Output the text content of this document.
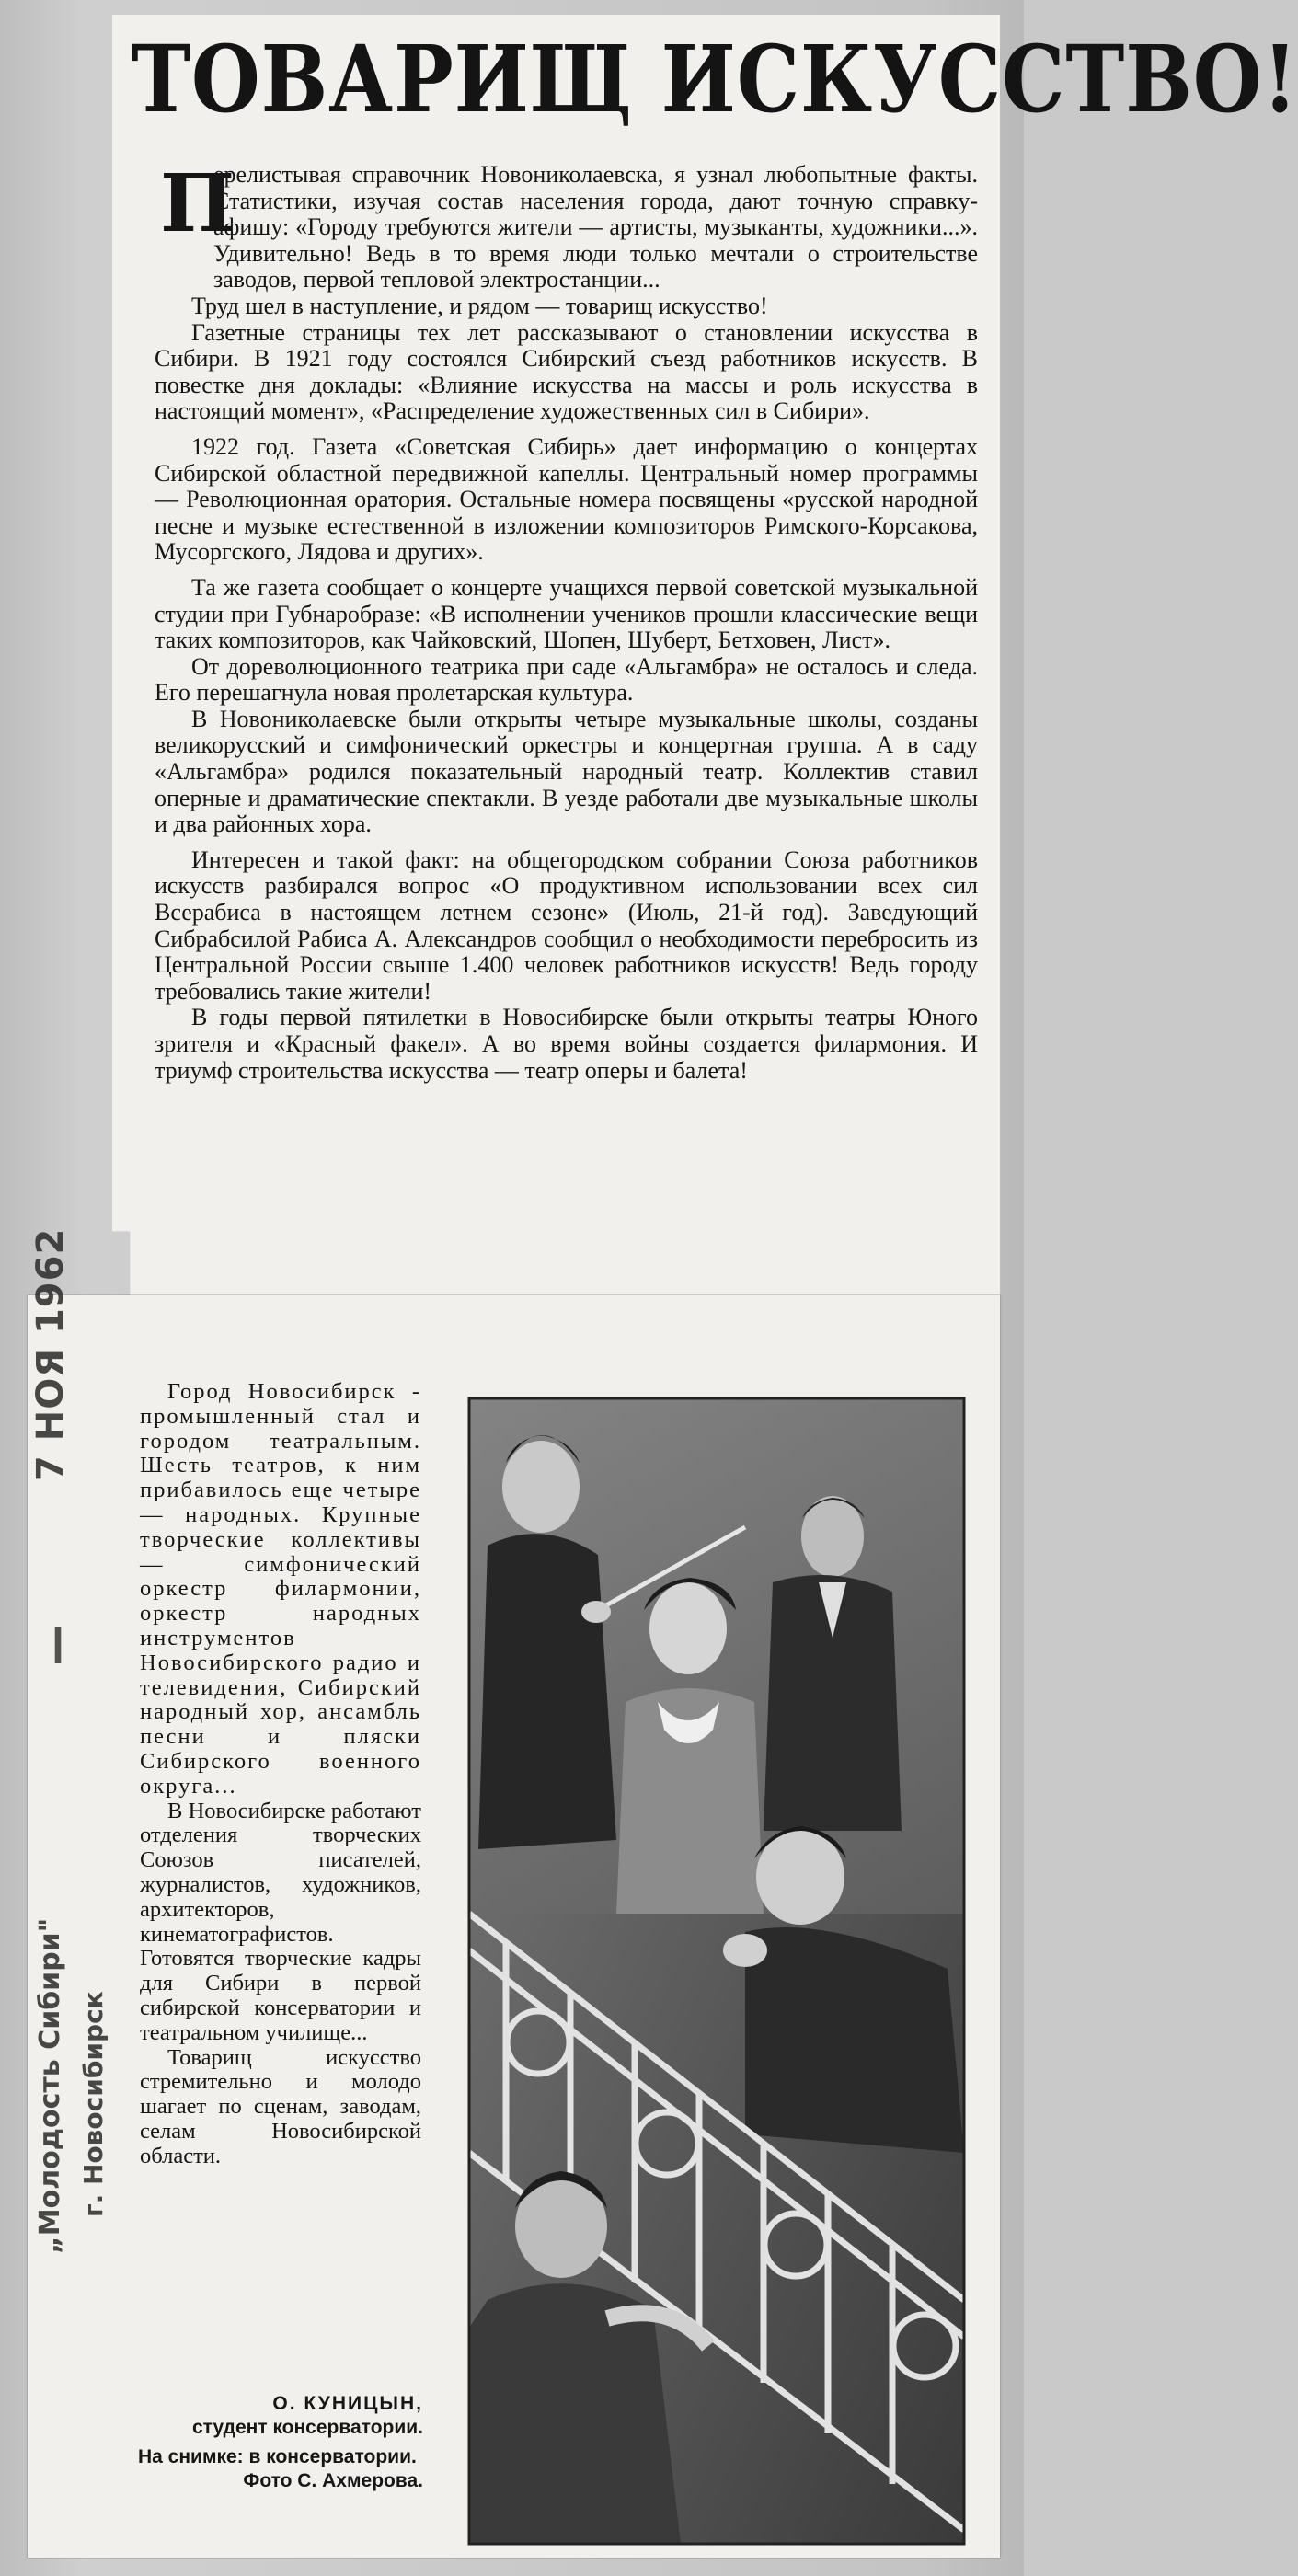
ТОВАРИЩ ИСКУССТВО!
П

ерелистывая справочник Новониколаевска, я узнал любопытные факты. Статистики, изучая состав населения города, дают точную справку-афишу: «Городу требуются жители — артисты, музыканты, художники...». Удивительно! Ведь в то время люди только мечтали о строительстве заводов, первой тепловой электростанции...

Труд шел в наступление, и рядом — товарищ искусство!

Газетные страницы тех лет рассказывают о становлении искусства в Сибири. В 1921 году состоялся Сибирский съезд работников искусств. В повестке дня доклады: «Влияние искусства на массы и роль искусства в настоящий момент», «Распределение художественных сил в Сибири».

1922 год. Газета «Советская Сибирь» дает информацию о концертах Сибирской областной передвижной капеллы. Центральный номер программы — Революционная оратория. Остальные номера посвящены «русской народной песне и музыке естественной в изложении композиторов Римского-Корсакова, Мусоргского, Лядова и других».

Та же газета сообщает о концерте учащихся первой советской музыкальной студии при Губнаробразе: «В исполнении учеников прошли классические вещи таких композиторов, как Чайковский, Шопен, Шуберт, Бетховен, Лист».

От дореволюционного театрика при саде «Альгамбра» не осталось и следа. Его перешагнула новая пролетарская культура.

В Новониколаевске были открыты четыре музыкальные школы, созданы великорусский и симфонический оркестры и концертная группа. А в саду «Альгамбра» родился показательный народный театр. Коллектив ставил оперные и драматические спектакли. В уезде работали две музыкальные школы и два районных хора.

Интересен и такой факт: на общегородском собрании Союза работников искусств разбирался вопрос «О продуктивном использовании всех сил Всерабиса в настоящем летнем сезоне» (Июль, 21-й год). Заведующий Сибрабсилой Рабиса А. Александров сообщил о необходимости перебросить из Центральной России свыше 1.400 человек работников искусств! Ведь городу требовались такие жители!

В годы первой пятилетки в Новосибирске были открыты театры Юного зрителя и «Красный факел». А во время войны создается филармония. И триумф строительства искусства — театр оперы и балета!

Город Новосибирск - промышленный стал и городом театральным. Шесть театров, к ним прибавилось еще четыре — народных. Крупные творческие коллективы — симфонический оркестр филармонии, оркестр народных инструментов Новосибирского радио и телевидения, Сибирский народный хор, ансамбль песни и пляски Сибирского военного округа...

В Новосибирске работают отделения творческих Союзов писателей, журналистов, художников, архитекторов, кинематографистов. Готовятся творческие кадры для Сибири в первой сибирской консерватории и театральном училище...

Товарищ искусство стремительно и молодо шагает по сценам, заводам, селам Новосибирской области.

О. КУНИЦЫН,
студент консерватории.
На снимке: в консерватории.
Фото С. Ахмерова.
7 НОЯ 1962
„Молодость Сибири" г. Новосибирск
